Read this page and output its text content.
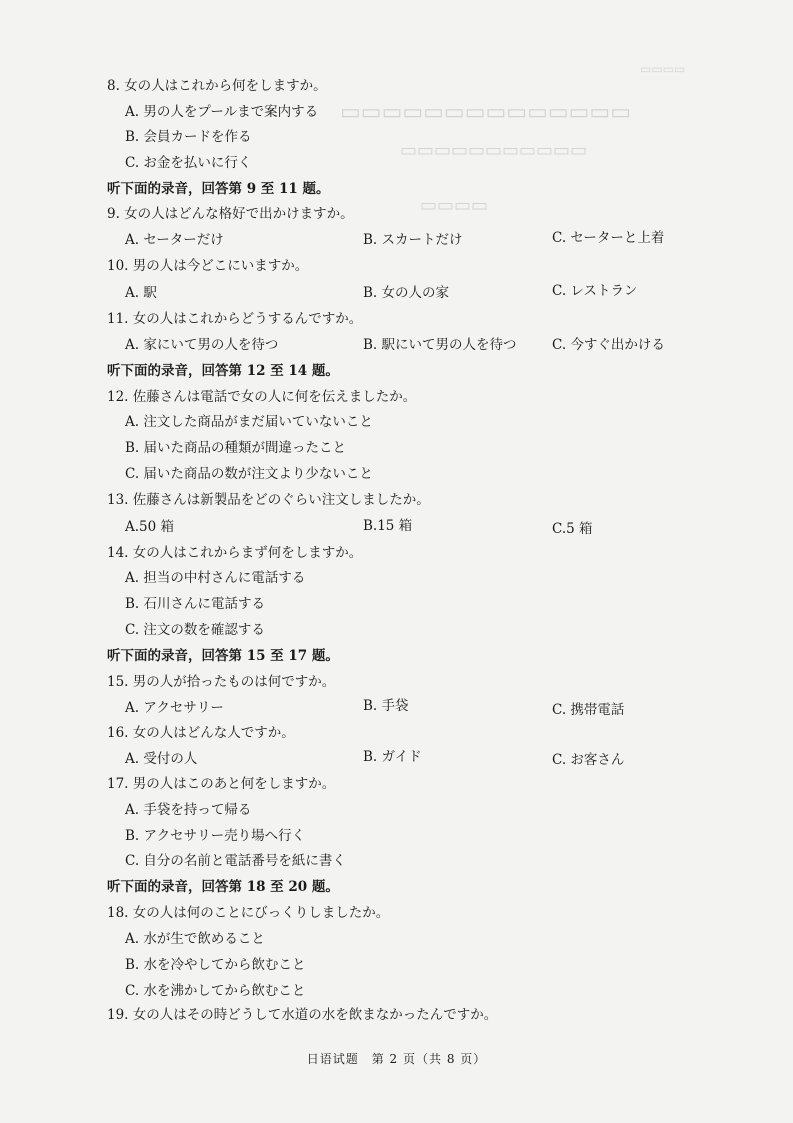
▭▭▭▭
▭▭▭▭▭▭▭▭▭▭▭▭▭▭
▭▭▭▭▭▭▭▭▭▭▭
▭▭▭▭
8. 女の人はこれから何をしますか。
A. 男の人をプールまで案内する
B. 会員カードを作る
C. お金を払いに行く
听下面的录音，回答第 9 至 11 题。
9. 女の人はどんな格好で出かけますか。
A. セーターだけ	B. スカートだけ	C. セーターと上着
10. 男の人は今どこにいますか。
A. 駅	B. 女の人の家	C. レストラン
11. 女の人はこれからどうするんですか。
A. 家にいて男の人を待つ	B. 駅にいて男の人を待つ	C. 今すぐ出かける
听下面的录音，回答第 12 至 14 题。
12. 佐藤さんは電話で女の人に何を伝えましたか。
A. 注文した商品がまだ届いていないこと
B. 届いた商品の種類が間違ったこと
C. 届いた商品の数が注文より少ないこと
13. 佐藤さんは新製品をどのぐらい注文しましたか。
A.50 箱	B.15 箱	C.5 箱
14. 女の人はこれからまず何をしますか。
A. 担当の中村さんに電話する
B. 石川さんに電話する
C. 注文の数を確認する
听下面的录音，回答第 15 至 17 题。
15. 男の人が拾ったものは何ですか。
A. アクセサリー	B. 手袋	C. 携帯電話
16. 女の人はどんな人ですか。
A. 受付の人	B. ガイド	C. お客さん
17. 男の人はこのあと何をしますか。
A. 手袋を持って帰る
B. アクセサリー売り場へ行く
C. 自分の名前と電話番号を紙に書く
听下面的录音，回答第 18 至 20 题。
18. 女の人は何のことにびっくりしましたか。
A. 水が生で飲めること
B. 水を冷やしてから飲むこと
C. 水を沸かしてから飲むこと
19. 女の人はその時どうして水道の水を飲まなかったんですか。
日语试题　第 2 页（共 8 页）
